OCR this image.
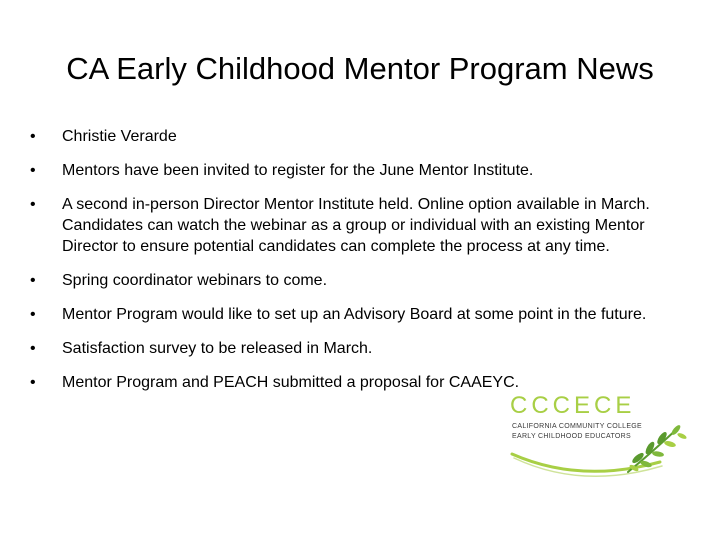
CA Early Childhood Mentor Program News
•	Christie Verarde
•	Mentors have been invited to register for the June Mentor Institute.
•	A second in-person Director Mentor Institute held. Online option available in March. Candidates can watch the webinar as a group or individual with an existing Mentor Director to ensure potential candidates can complete the process at any time.
•	Spring coordinator webinars to come.
•	Mentor Program would like to set up an Advisory Board at some point in the future.
•	Satisfaction survey to be released in March.
•	Mentor Program and PEACH submitted a proposal for CAAEYC.
CCCECE
CALIFORNIA COMMUNITY COLLEGE
EARLY CHILDHOOD EDUCATORS
